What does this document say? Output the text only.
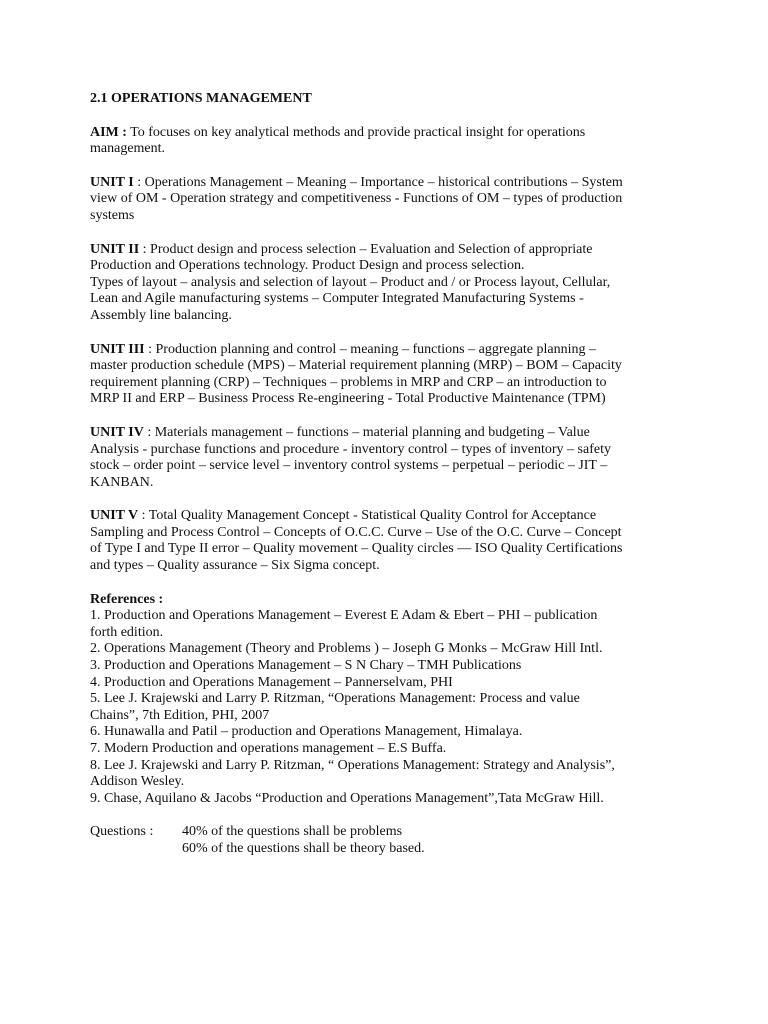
2.1 OPERATIONS MANAGEMENT
AIM : To focuses on key analytical methods and provide practical insight for operations
management.
UNIT I : Operations Management – Meaning – Importance – historical contributions – System
view of OM - Operation strategy and competitiveness - Functions of OM – types of production
systems
UNIT II : Product design and process selection – Evaluation and Selection of appropriate
Production and Operations technology. Product Design and process selection.
Types of layout – analysis and selection of layout – Product and / or Process layout, Cellular,
Lean and Agile manufacturing systems – Computer Integrated Manufacturing Systems -
Assembly line balancing.
UNIT III : Production planning and control – meaning – functions – aggregate planning –
master production schedule (MPS) – Material requirement planning (MRP) – BOM – Capacity
requirement planning (CRP) – Techniques – problems in MRP and CRP – an introduction to
MRP II and ERP – Business Process Re-engineering - Total Productive Maintenance (TPM)
UNIT IV : Materials management – functions – material planning and budgeting – Value
Analysis - purchase functions and procedure - inventory control – types of inventory – safety
stock – order point – service level – inventory control systems – perpetual – periodic – JIT –
KANBAN.
UNIT V : Total Quality Management Concept - Statistical Quality Control for Acceptance
Sampling and Process Control – Concepts of O.C.C. Curve – Use of the O.C. Curve – Concept
of Type I and Type II error – Quality movement – Quality circles –– ISO Quality Certifications
and types – Quality assurance – Six Sigma concept.
References :
1. Production and Operations Management – Everest E Adam & Ebert – PHI – publication
forth edition.
2. Operations Management (Theory and Problems ) – Joseph G Monks – McGraw Hill Intl.
3. Production and Operations Management – S N Chary – TMH Publications
4. Production and Operations Management – Pannerselvam, PHI
5. Lee J. Krajewski and Larry P. Ritzman, “Operations Management: Process and value
Chains”, 7th Edition, PHI, 2007
6. Hunawalla and Patil – production and Operations Management, Himalaya.
7. Modern Production and operations management – E.S Buffa.
8. Lee J. Krajewski and Larry P. Ritzman, “ Operations Management: Strategy and Analysis”,
Addison Wesley.
9. Chase, Aquilano & Jacobs “Production and Operations Management”,Tata McGraw Hill.
Questions :	40% of the questions shall be problems
60% of the questions shall be theory based.
